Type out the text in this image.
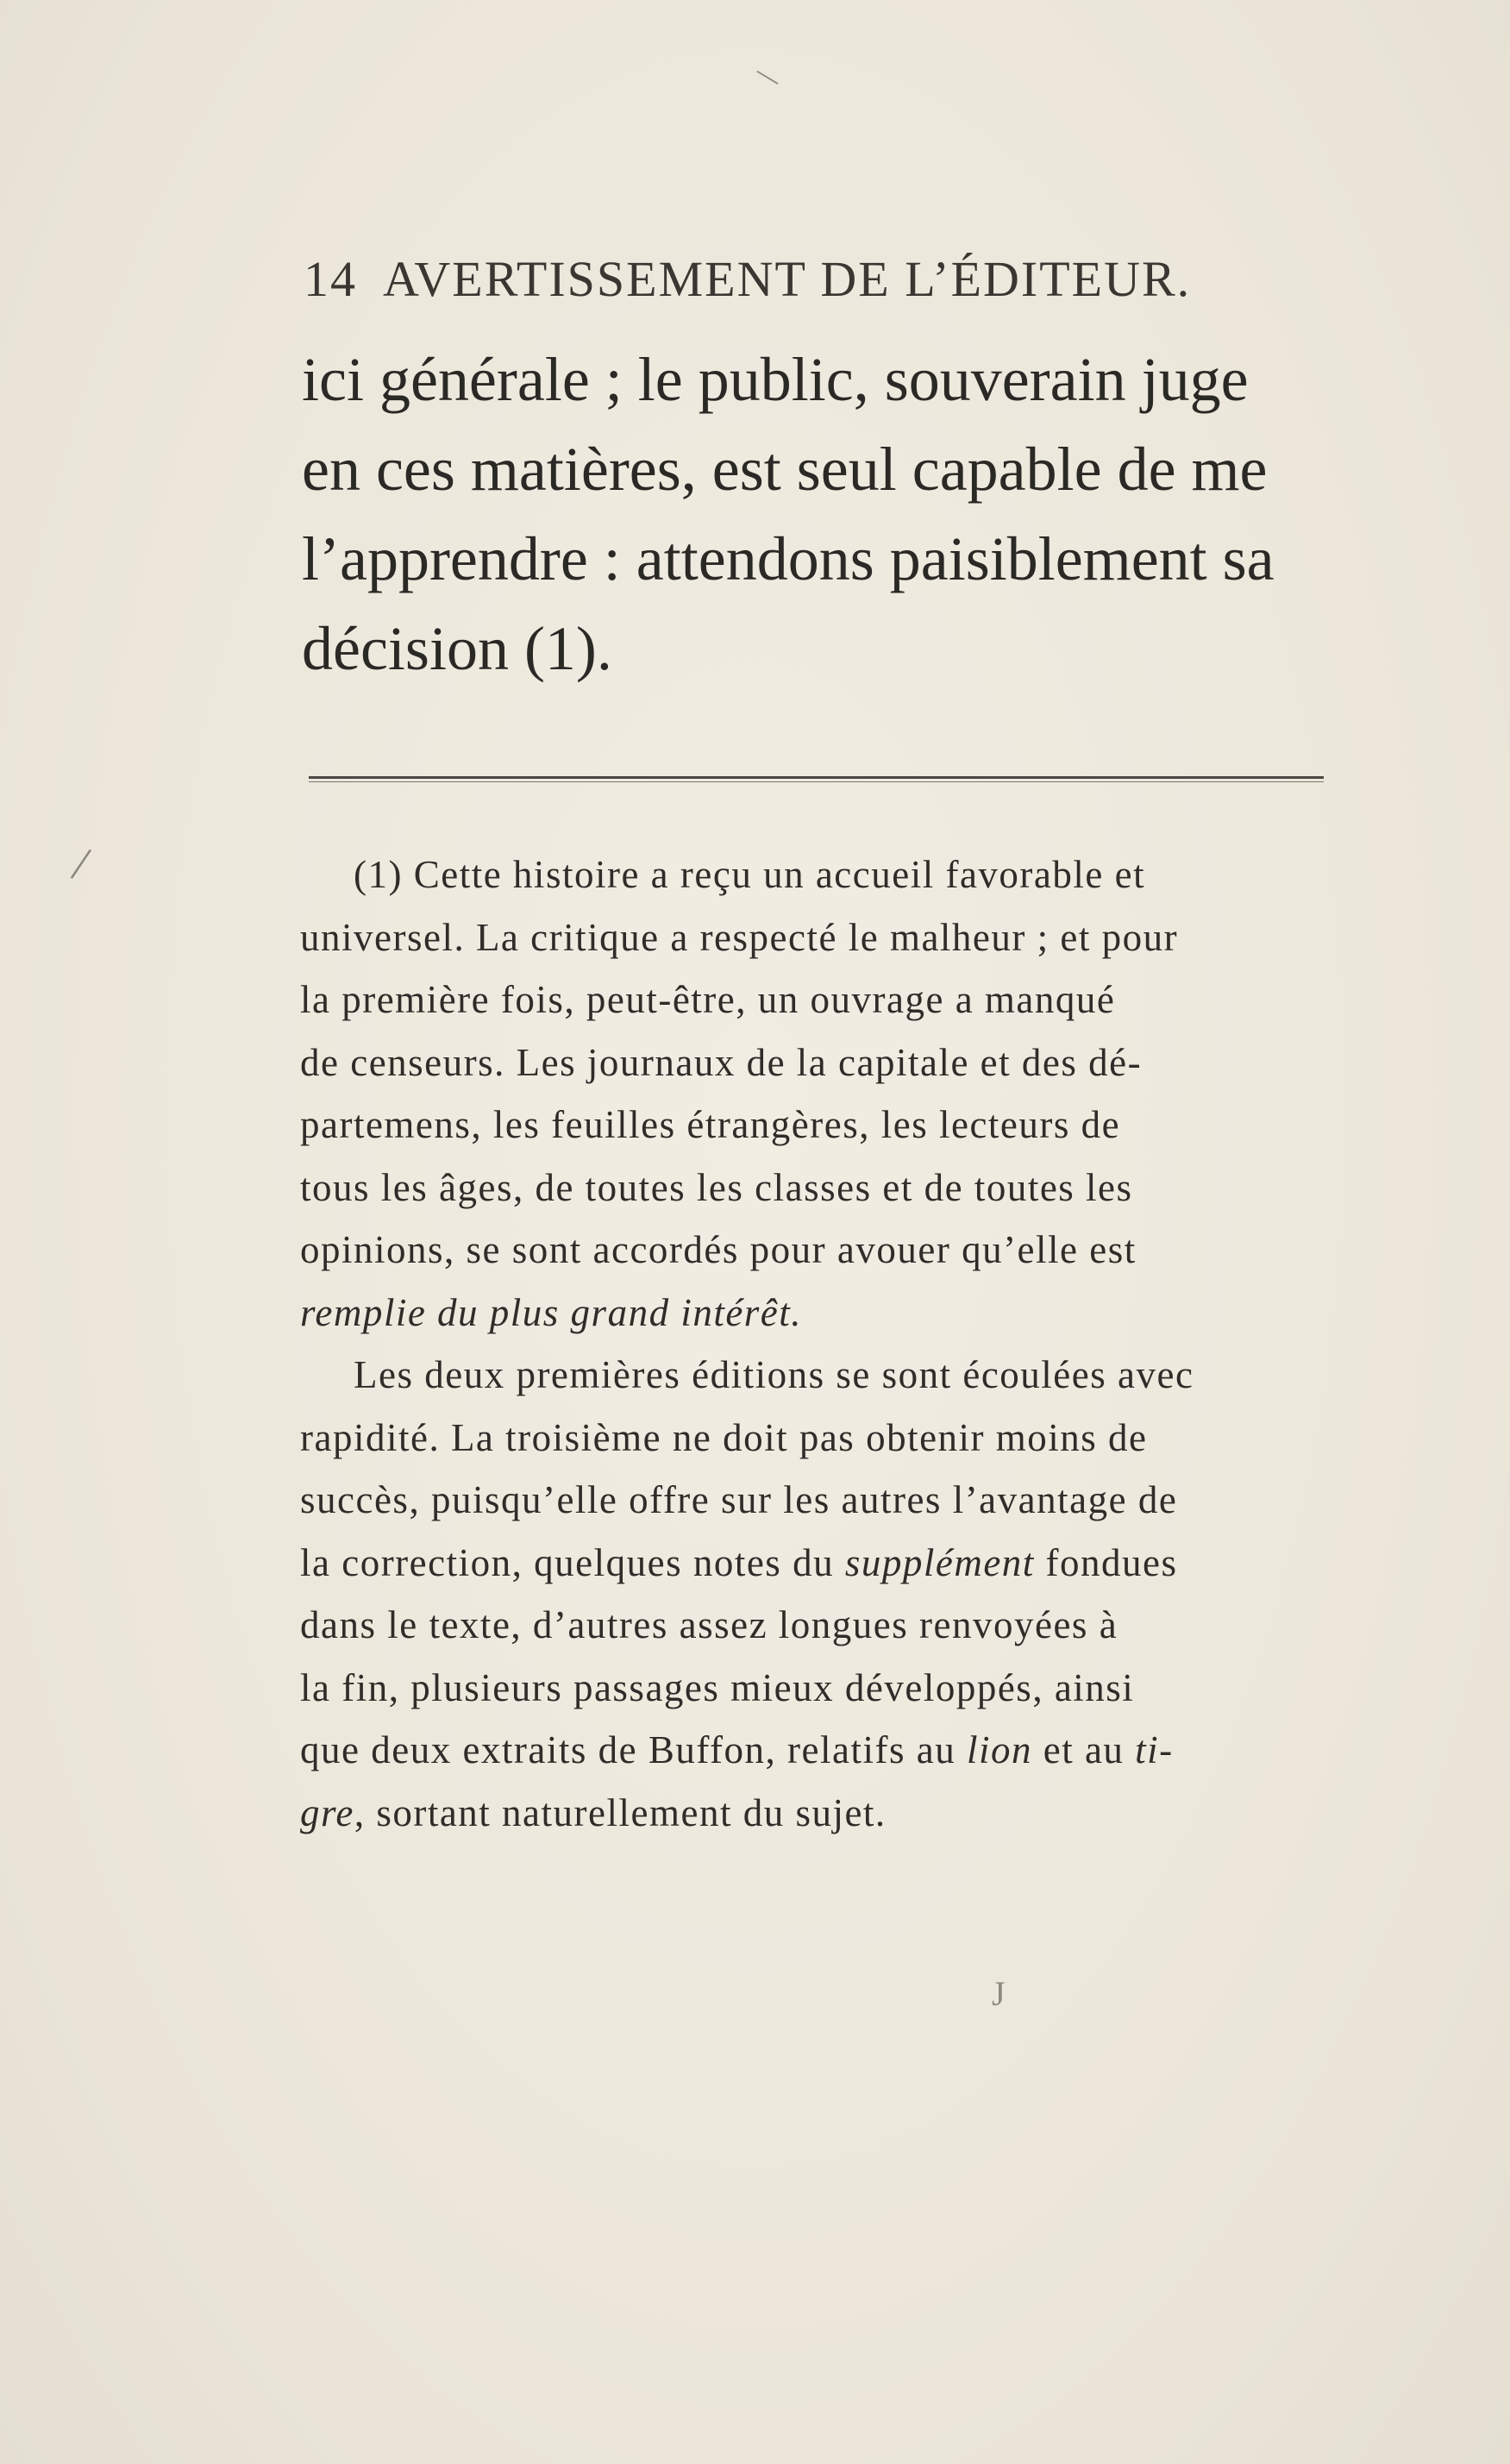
14 AVERTISSEMENT DE L’ÉDITEUR.
ici générale ; le public, souverain juge
en ces matières, est seul capable de me
l’apprendre : attendons paisiblement sa
décision (1).
(1) Cette histoire a reçu un accueil favorable et
universel. La critique a respecté le malheur ; et pour
la première fois, peut-être, un ouvrage a manqué
de censeurs. Les journaux de la capitale et des dé-
partemens, les feuilles étrangères, les lecteurs de
tous les âges, de toutes les classes et de toutes les
opinions, se sont accordés pour avouer qu’elle est
remplie du plus grand intérêt.
Les deux premières éditions se sont écoulées avec
rapidité. La troisième ne doit pas obtenir moins de
succès, puisqu’elle offre sur les autres l’avantage de
la correction, quelques notes du supplément fondues
dans le texte, d’autres assez longues renvoyées à
la fin, plusieurs passages mieux développés, ainsi
que deux extraits de Buffon, relatifs au lion et au ti-
gre, sortant naturellement du sujet.
\
/
J
